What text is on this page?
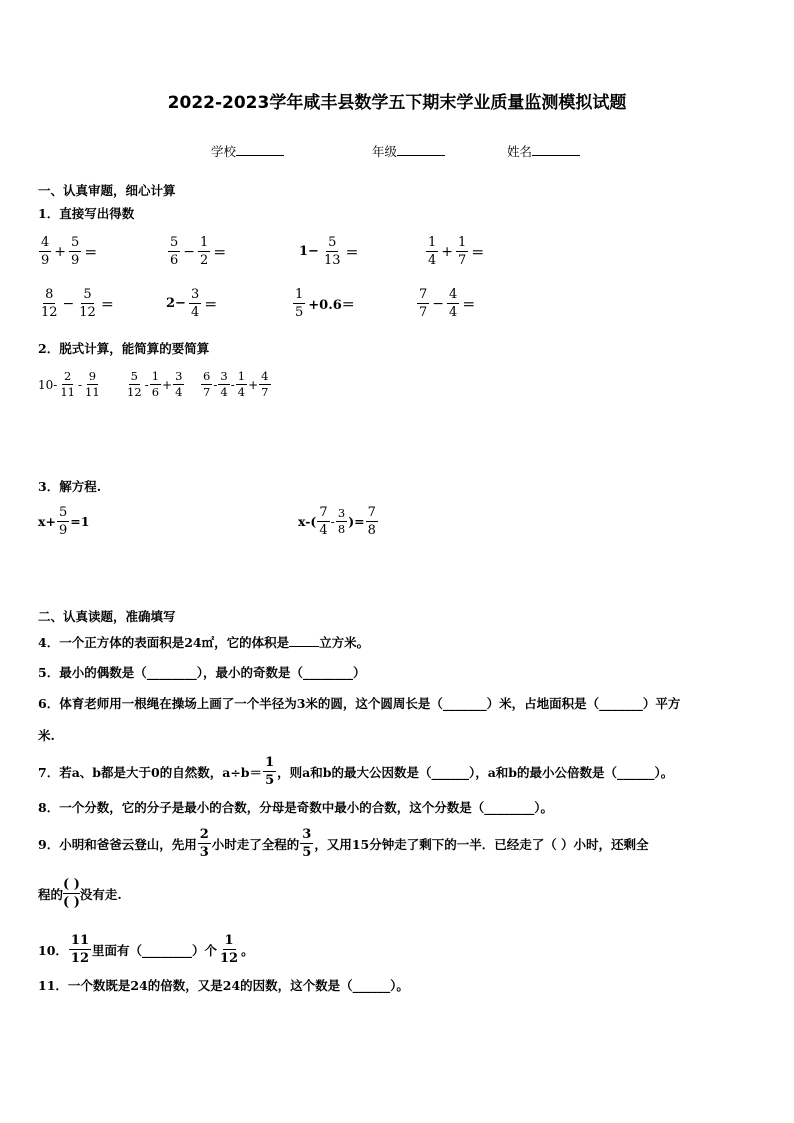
2022-2023学年咸丰县数学五下期末学业质量监测模拟试题
学校	年级	姓名
一、认真审题，细心计算
1．直接写出得数
$\frac{4}{9} + \frac{5}{9}$ ＝	$\frac{5}{6} - \frac{1}{2}$ ＝	$1- \frac{5}{13}$ ＝	$\frac{1}{4} + \frac{1}{7}$ ＝
$\frac{8}{12} - \frac{5}{12}$ ＝	$2- \frac{3}{4}$ ＝	$\frac{1}{5} +0.6=$	$\frac{7}{7} - \frac{4}{4}$ ＝
2．脱式计算，能简算的要简算
$10 - \frac{2}{11} - \frac{9}{11} \frac{5}{12} - \frac{1}{6} + \frac{3}{4} \frac{6}{7} - \frac{3}{4} - \frac{1}{4} + \frac{4}{7}$
3．解方程.
$x+ \frac{5}{9} =1$	$x-( \frac{7}{4} - \frac{3}{8}$ )= $\frac{7}{8}$
二、认真读题，准确填写
4．一个正方体的表面积是24㎡，它的体积是 立方米。
5．最小的偶数是（________），最小的奇数是（________）
6．体育老师用一根绳在操场上画了一个半径为3米的圆，这个圆周长是（_______）米，占地面积是（_______）平方
米.
7．若a、b都是大于0的自然数，$a\div b= \frac{1}{5}$ ，则a和b的最大公因数是（______），a和b的最小公倍数是（______）。
8．一个分数，它的分子是最小的合数，分母是奇数中最小的合数，这个分数是（________）。
9．小明和爸爸云登山，先用 $\frac{2}{3}$ 小时走了全程的 $\frac{3}{5}$ ，又用15分钟走了剩下的一半．已经走了（ ）小时，还剩全
程的
( )
( )
没有走.
10． $\frac{11}{12}$ 里面有（________）个 $\frac{1}{12}$ 。
11．一个数既是24的倍数，又是24的因数，这个数是（______）。
